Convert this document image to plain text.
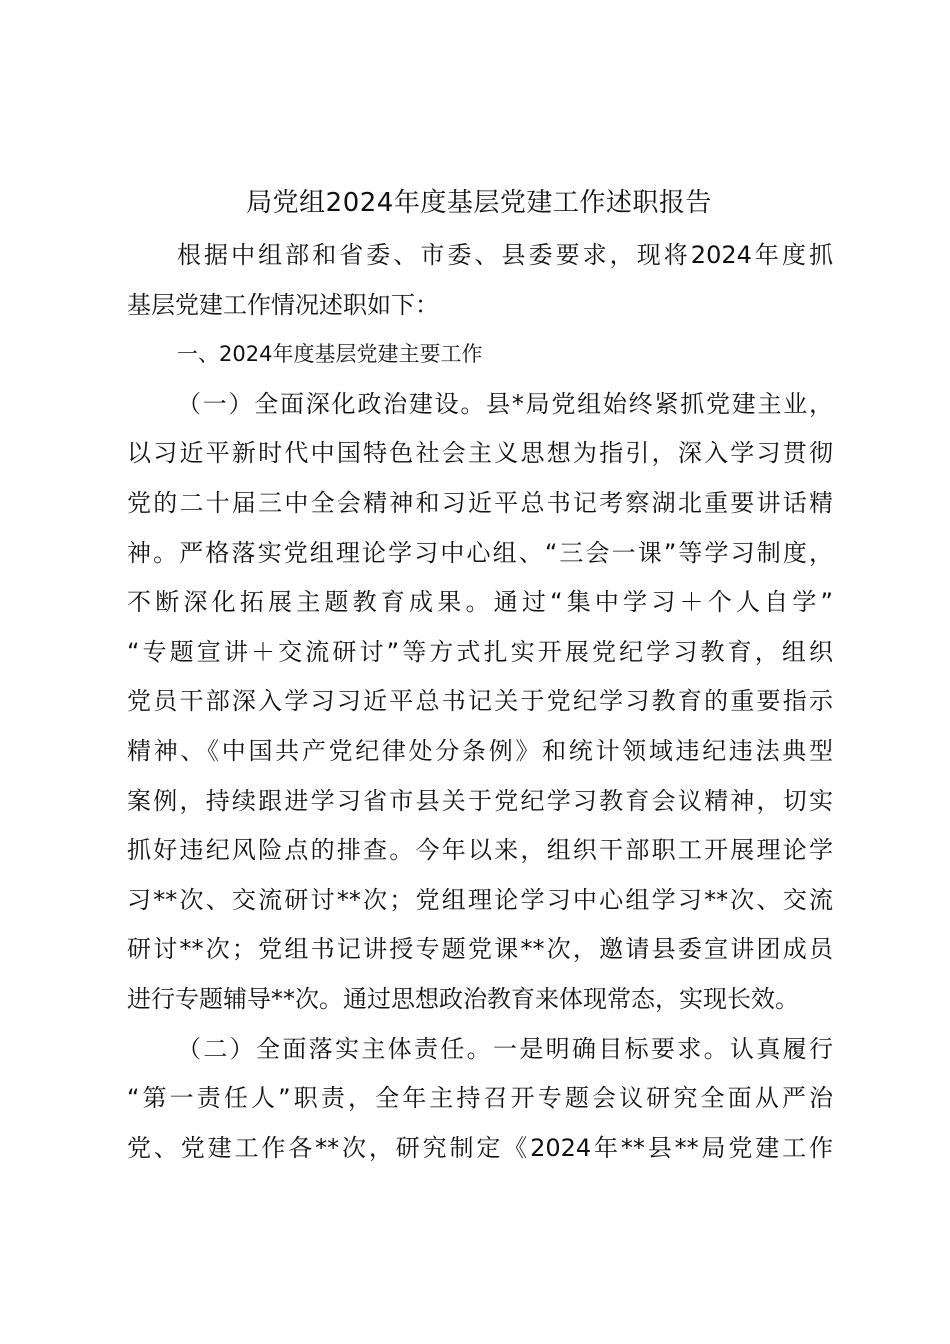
局党组2024年度基层党建工作述职报告
根据中组部和省委、市委、县委要求，现将2024年度抓
基层党建工作情况述职如下：
一、2024年度基层党建主要工作
（一）全面深化政治建设。县*局党组始终紧抓党建主业，
以习近平新时代中国特色社会主义思想为指引，深入学习贯彻
党的二十届三中全会精神和习近平总书记考察湖北重要讲话精
神。严格落实党组理论学习中心组、“三会一课”等学习制度，
不断深化拓展主题教育成果。通过“集中学习＋个人自学”
“专题宣讲＋交流研讨”等方式扎实开展党纪学习教育，组织
党员干部深入学习习近平总书记关于党纪学习教育的重要指示
精神、《中国共产党纪律处分条例》和统计领域违纪违法典型
案例，持续跟进学习省市县关于党纪学习教育会议精神，切实
抓好违纪风险点的排查。今年以来，组织干部职工开展理论学
习**次、交流研讨**次；党组理论学习中心组学习**次、交流
研讨**次；党组书记讲授专题党课**次，邀请县委宣讲团成员
进行专题辅导**次。通过思想政治教育来体现常态，实现长效。
（二）全面落实主体责任。一是明确目标要求。认真履行
“第一责任人”职责，全年主持召开专题会议研究全面从严治
党、党建工作各**次，研究制定《2024年**县**局党建工作
